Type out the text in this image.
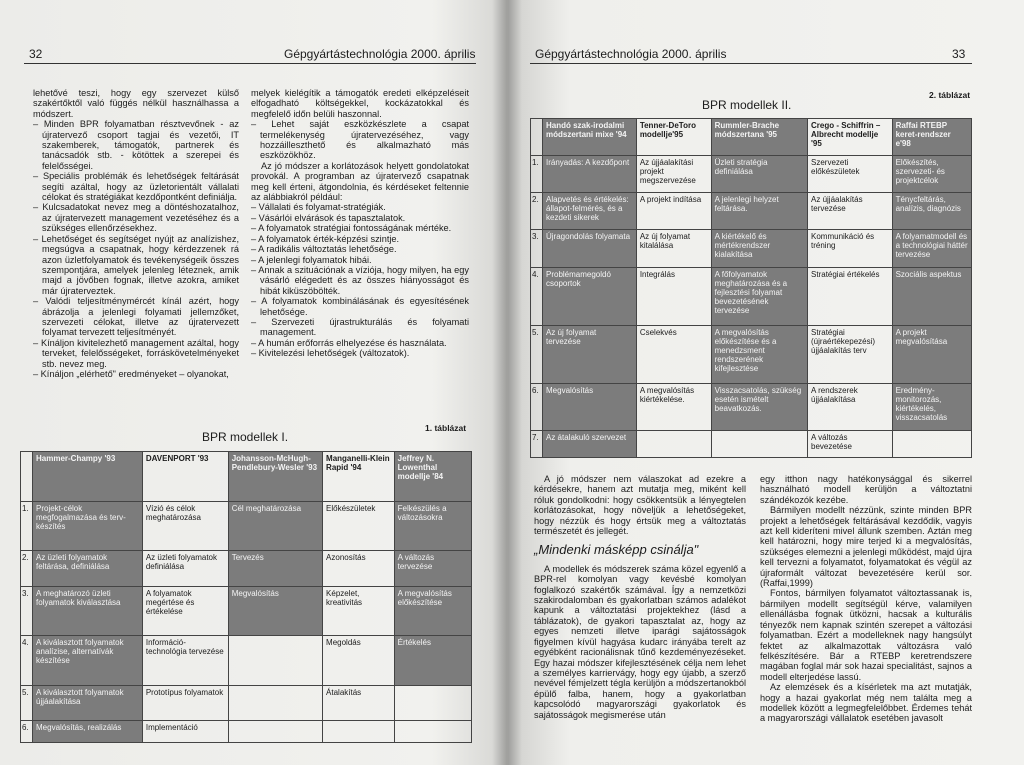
32	Gépgyártástechnológia 2000. április

lehetővé teszi, hogy egy szervezet külső szakértőktől való függés nélkül használhassa a módszert.

– Minden BPR folyamatban résztvevőnek - az újratervező csoport tagjai és vezetői, IT szakemberek, támogatók, partnerek és tanácsadók stb. - kötöttek a szerepei és felelősségei.

– Speciális problémák és lehetőségek feltárását segíti azáltal, hogy az üzletorientált vállalati célokat és stratégiákat kezdőpontként definiálja.

– Kulcsadatokat nevez meg a döntéshozatalhoz, az újratervezett management vezetéséhez és a szükséges ellenőrzésekhez.

– Lehetőséget és segítséget nyújt az analízishez, megsúgva a csapatnak, hogy kérdezzenek rá azon üzletfolyamatok és tevékenységeik összes szempontjára, amelyek jelenleg léteznek, amik majd a jövőben fognak, illetve azokra, amiket már újraterveztek.

– Valódi teljesítménymércét kínál azért, hogy ábrázolja a jelenlegi folyamati jellemzőket, szervezeti célokat, illetve az újratervezett folyamat tervezett teljesítményét.

– Kínáljon kivitelezhető management azáltal, hogy terveket, felelősségeket, forráskövetelményeket stb. nevez meg.

– Kínáljon „elérhető" eredményeket – olyanokat,

melyek kielégítik a támogatók eredeti elképzeléseit elfogadható költségekkel, kockázatokkal és megfelelő időn belüli haszonnal.

– Lehet saját eszközkészlete a csapat termelékenység újratervezéséhez, vagy hozzáilleszthető és alkalmazható más eszközökhöz.

Az jó módszer a korlátozások helyett gondolatokat provokál. A programban az újratervező csapatnak meg kell érteni, átgondolnia, és kérdéseket feltennie az alábbiakról például:

– Vállalati és folyamat-stratégiák.

– Vásárlói elvárások és tapasztalatok.

– A folyamatok stratégiai fontosságának mértéke.

– A folyamatok érték-képzési szintje.

– A radikális változtatás lehetősége.

– A jelenlegi folyamatok hibái.

– Annak a szituációnak a víziója, hogy milyen, ha egy vásárló elégedett és az összes hiányosságot és hibát kiküszöbölték.

– A folyamatok kombinálásának és egyesítésének lehetősége.

– Szervezeti újrastrukturálás és folyamati management.

– A humán erőforrás elhelyezése és használata.

– Kivitelezési lehetőségek (változatok).

1. táblázat
BPR modellek I.
	Hammer-Champy '93	DAVENPORT '93	Johansson-McHugh-Pendlebury-Wesler '93	Manganelli-Klein Rapid '94	Jeffrey N. Lowenthal modellje '84
1.	Projekt-célok megfogalmazása és tervkészítés	Vízió és célok meghatározása	Cél meghatározása	Előkészületek	Felkészülés a változásokra
2.	Az üzleti folyamatok feltárása, definiálása	Az üzleti folyamatok definiálása	Tervezés	Azonosítás	A változás tervezése
3.	A meghatározó üzleti folyamatok kiválasztása	A folyamatok megértése és értékelése	Megvalósítás	Képzelet, kreativitás	A megvalósítás előkészítése
4.	A kiválasztott folyamatok analízise, alternatívák készítése	Információ-technológia tervezése		Megoldás	Értékelés
5.	A kiválasztott folyamatok újjáalakítása	Prototípus folyamatok		Átalakítás	
6.	Megvalósítás, realizálás	Implementáció			
Gépgyártástechnológia 2000. április	33
2. táblázat
BPR modellek II.
	Handó szak-irodalmi módszertani mixe '94	Tenner-DeToro modellje'95	Rummler-Brache módszertana '95	Crego - Schiffrin – Albrecht modellje '95	Raffai RTEBP keret-rendszer e'98
1.	Irányadás: A kezdőpont	Az újjáalakítási projekt megszervezése	Üzleti stratégia definiálása	Szervezeti előkészületek	Előkészítés, szervezeti- és projektcélok
2.	Alapvetés és értékelés: állapot-felmérés, és a kezdeti sikerek	A projekt indítása	A jelenlegi helyzet feltárása.	Az újjáalakítás tervezése	Ténycfeltárás, analízis, diagnózis
3.	Újragondolás folyamata	Az új folyamat kitalálása	A kiértékelő és mértékrendszer kialakítása	Kommunikáció és tréning	A folyamatmodell és a technológiai háttér tervezése
4.	Problémamegoldó csoportok	Integrálás	A főfolyamatok meghatározása és a fejlesztési folyamat bevezetésének tervezése	Stratégiai értékelés	Szociális aspektus
5.	Az új folyamat tervezése	Cselekvés	A megvalósítás előkészítése és a menedzsment rendszerének kifejlesztése	Stratégiai (újraértékepezési) újjáalakítás terv	A projekt megvalósítása
6.	Megvalósítás	A megvalósítás kiértékelése.	Visszacsatolás, szükség esetén ismételt beavatkozás.	A rendszerek újjáalakítása	Eredmény-monitorozás, kiértékelés, visszacsatolás
7.	Az átalakuló szervezet			A változás bevezetése	

A jó módszer nem válaszokat ad ezekre a kérdésekre, hanem azt mutatja meg, miként kell róluk gondolkodni: hogy csökkentsük a lényegtelen korlátozásokat, hogy növeljük a lehetőségeket, hogy nézzük és hogy értsük meg a változtatás természetét és jellegét.

„Mindenki másképp csinálja"

A modellek és módszerek száma közel egyenlő a BPR-rel komolyan vagy kevésbé komolyan foglalkozó szakértők számával. Így a nemzetközi szakirodalomban és gyakorlatban számos adalékot kapunk a változtatási projektekhez (lásd a táblázatok), de gyakori tapasztalat az, hogy az egyes nemzeti illetve iparági sajátosságok figyelmen kívül hagyása kudarc irányába terelt az egyébként racionálisnak tűnő kezdeményezéseket. Egy hazai módszer kifejlesztésének célja nem lehet a személyes karriervágy, hogy egy újabb, a szerző nevével fémjelzett tégla kerüljön a módszertanokból épülő falba, hanem, hogy a gyakorlatban kapcsolódó magyarországi gyakorlatok és sajátosságok megismerése után

egy itthon nagy hatékonysággal és sikerrel használható modell kerüljön a változtatni szándékozók kezébe.

Bármilyen modellt nézzünk, szinte minden BPR projekt a lehetőségek feltárásával kezdődik, vagyis azt kell kideríteni mivel állunk szemben. Aztán meg kell határozni, hogy mire terjed ki a megvalósítás, szükséges elemezni a jelenlegi működést, majd újra kell tervezni a folyamatot, folyamatokat és végül az újraformált változat bevezetésére kerül sor. (Raffai,1999)

Fontos, bármilyen folyamatot változtassanak is, bármilyen modellt segítségül kérve, valamilyen ellenállásba fognak ütközni, hacsak a kulturális tényezők nem kapnak szintén szerepet a változási folyamatban. Ezért a modelleknek nagy hangsúlyt fektet az alkalmazottak változásra való felkészítésére. Bár a RTEBP keretrendszere magában foglal már sok hazai specialitást, sajnos a modell elterjedése lassú.

Az elemzések és a kísérletek ma azt mutatják, hogy a hazai gyakorlat még nem találta meg a modellek között a legmegfelelőbbet. Érdemes tehát a magyarországi vállalatok esetében javasolt
